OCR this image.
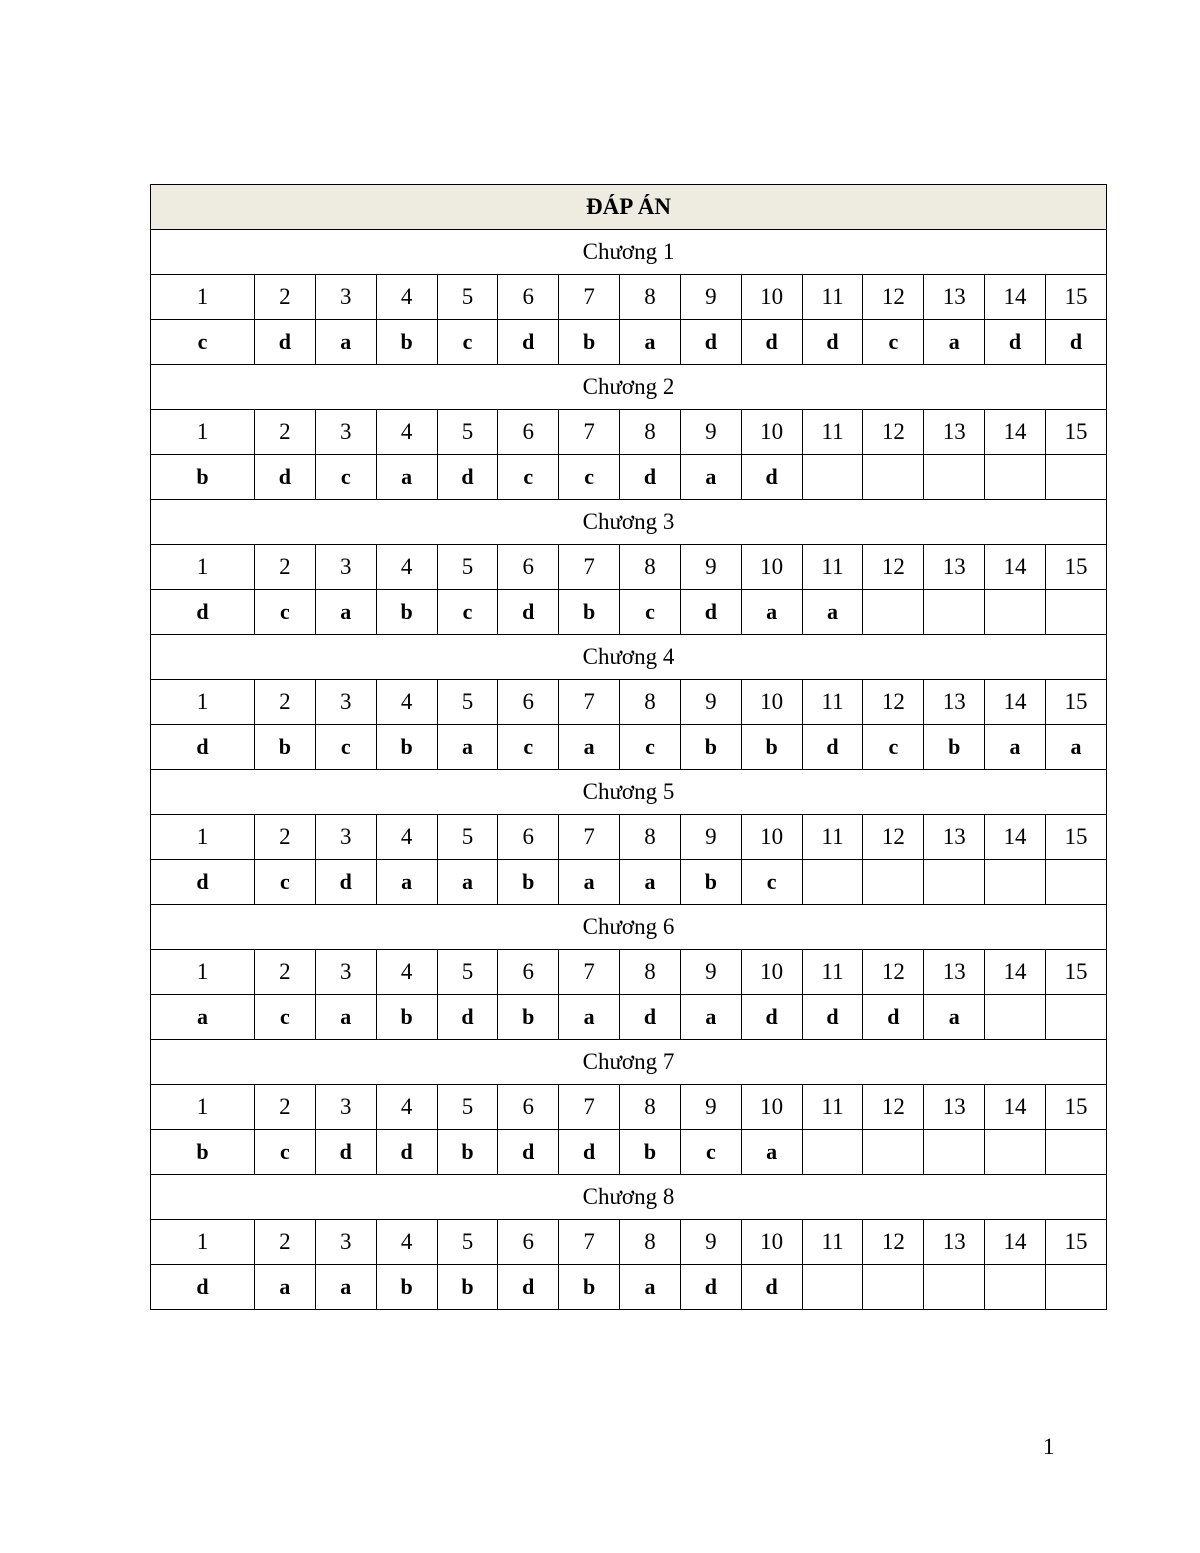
ĐÁP ÁN														
Chương 1														
1	2	3	4	5	6	7	8	9	10	11	12	13	14	15
c	d	a	b	c	d	b	a	d	d	d	c	a	d	d
Chương 2														
1	2	3	4	5	6	7	8	9	10	11	12	13	14	15
b	d	c	a	d	c	c	d	a	d					
Chương 3														
1	2	3	4	5	6	7	8	9	10	11	12	13	14	15
d	c	a	b	c	d	b	c	d	a	a				
Chương 4														
1	2	3	4	5	6	7	8	9	10	11	12	13	14	15
d	b	c	b	a	c	a	c	b	b	d	c	b	a	a
Chương 5														
1	2	3	4	5	6	7	8	9	10	11	12	13	14	15
d	c	d	a	a	b	a	a	b	c					
Chương 6														
1	2	3	4	5	6	7	8	9	10	11	12	13	14	15
a	c	a	b	d	b	a	d	a	d	d	d	a		
Chương 7														
1	2	3	4	5	6	7	8	9	10	11	12	13	14	15
b	c	d	d	b	d	d	b	c	a					
Chương 8														
1	2	3	4	5	6	7	8	9	10	11	12	13	14	15
d	a	a	b	b	d	b	a	d	d					
1
